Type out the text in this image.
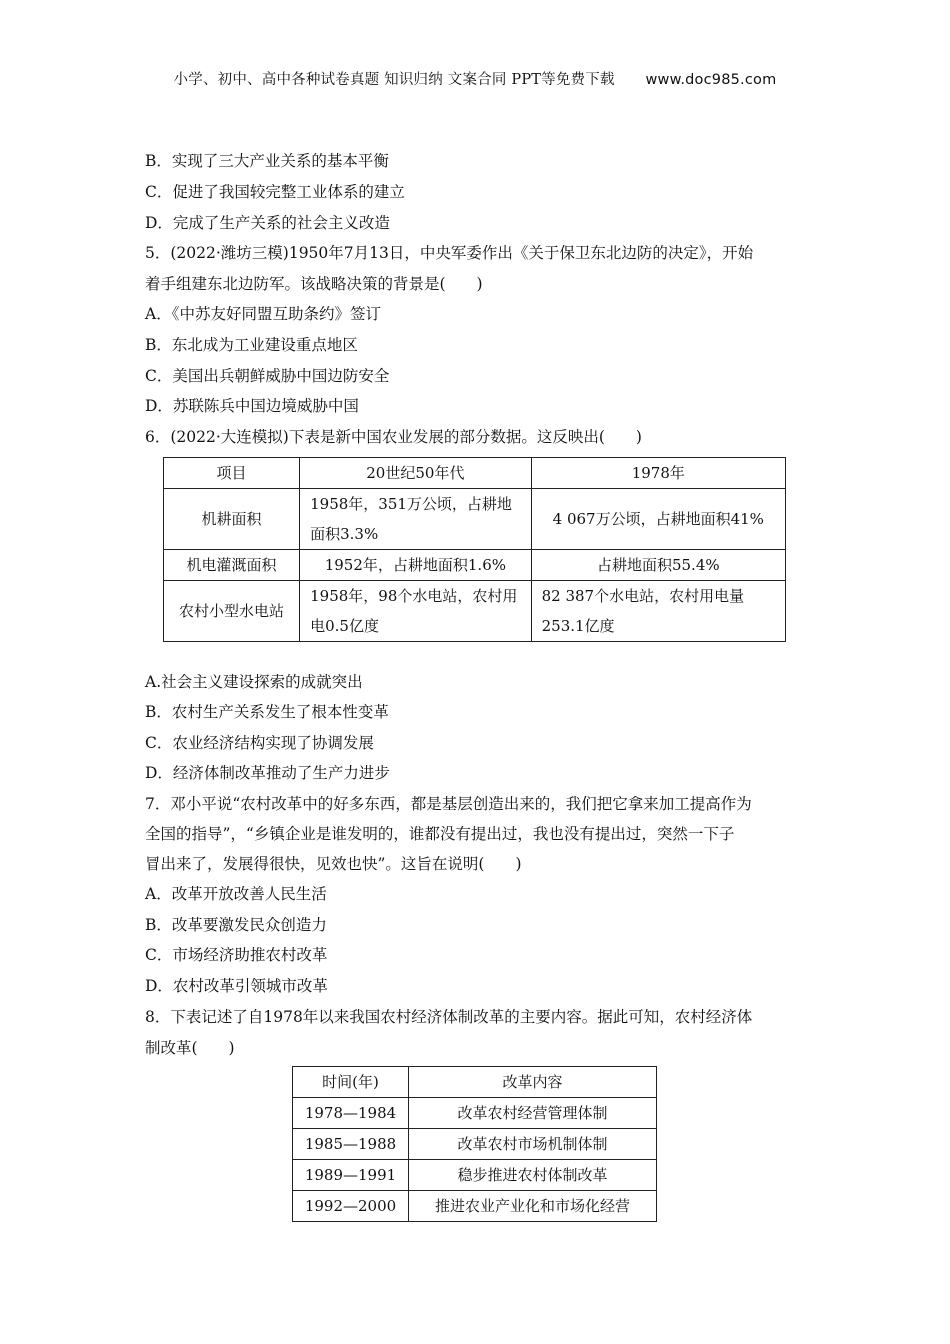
小学、初中、高中各种试卷真题 知识归纳 文案合同 PPT等免费下载 www.doc985.com
B．实现了三大产业关系的基本平衡
C．促进了我国较完整工业体系的建立
D．完成了生产关系的社会主义改造
5．(2022·潍坊三模)1950年7月13日，中央军委作出《关于保卫东北边防的决定》，开始
着手组建东北边防军。该战略决策的背景是(　　)
A．《中苏友好同盟互助条约》签订
B．东北成为工业建设重点地区
C．美国出兵朝鲜威胁中国边防安全
D．苏联陈兵中国边境威胁中国
6．(2022·大连模拟)下表是新中国农业发展的部分数据。这反映出(　　)
项目	20世纪50年代	1978年
机耕面积	1958年，351万公顷，占耕地面积3.3%	4 067万公顷，占耕地面积41%
机电灌溉面积	1952年，占耕地面积1.6%	占耕地面积55.4%
农村小型水电站	1958年，98个水电站，农村用电0.5亿度	82 387个水电站，农村用电量253.1亿度
A.社会主义建设探索的成就突出
B．农村生产关系发生了根本性变革
C．农业经济结构实现了协调发展
D．经济体制改革推动了生产力进步
7．邓小平说“农村改革中的好多东西，都是基层创造出来的，我们把它拿来加工提高作为
全国的指导”，“乡镇企业是谁发明的，谁都没有提出过，我也没有提出过，突然一下子
冒出来了，发展得很快，见效也快”。这旨在说明(　　)
A．改革开放改善人民生活
B．改革要激发民众创造力
C．市场经济助推农村改革
D．农村改革引领城市改革
8．下表记述了自1978年以来我国农村经济体制改革的主要内容。据此可知，农村经济体
制改革(　　)
时间(年)	改革内容
1978—1984	改革农村经营管理体制
1985—1988	改革农村市场机制体制
1989—1991	稳步推进农村体制改革
1992—2000	推进农业产业化和市场化经营
